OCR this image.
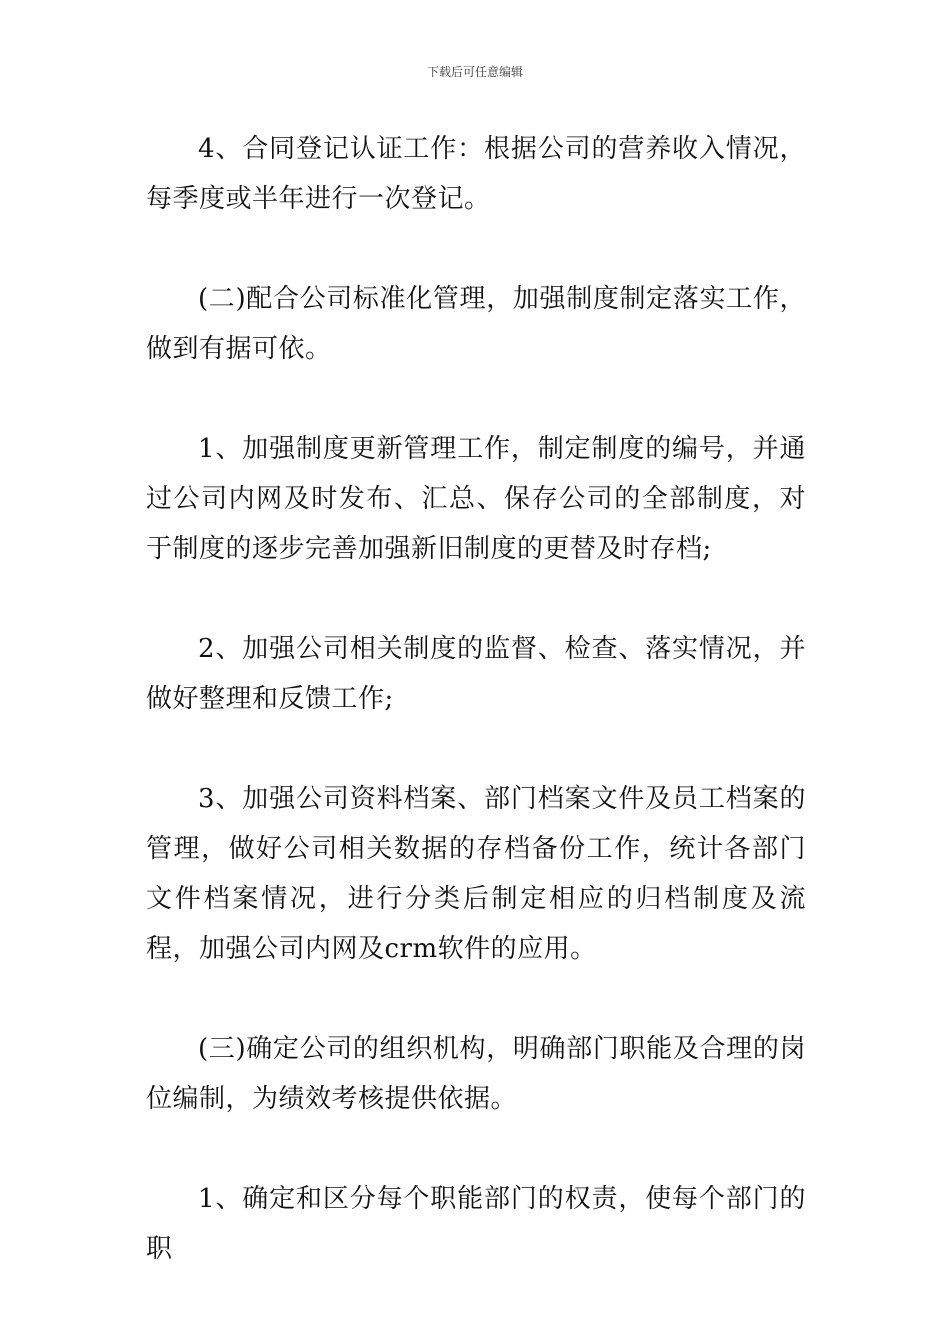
下载后可任意编辑

4、合同登记认证工作：根据公司的营养收入情况，每季度或半年进行一次登记。

(二)配合公司标准化管理，加强制度制定落实工作，做到有据可依。

1、加强制度更新管理工作，制定制度的编号，并通过公司内网及时发布、汇总、保存公司的全部制度，对于制度的逐步完善加强新旧制度的更替及时存档;

2、加强公司相关制度的监督、检查、落实情况，并做好整理和反馈工作;

3、加强公司资料档案、部门档案文件及员工档案的管理，做好公司相关数据的存档备份工作，统计各部门文件档案情况，进行分类后制定相应的归档制度及流程，加强公司内网及crm软件的应用。

(三)确定公司的组织机构，明确部门职能及合理的岗位编制，为绩效考核提供依据。

1、确定和区分每个职能部门的权责，使每个部门的职
